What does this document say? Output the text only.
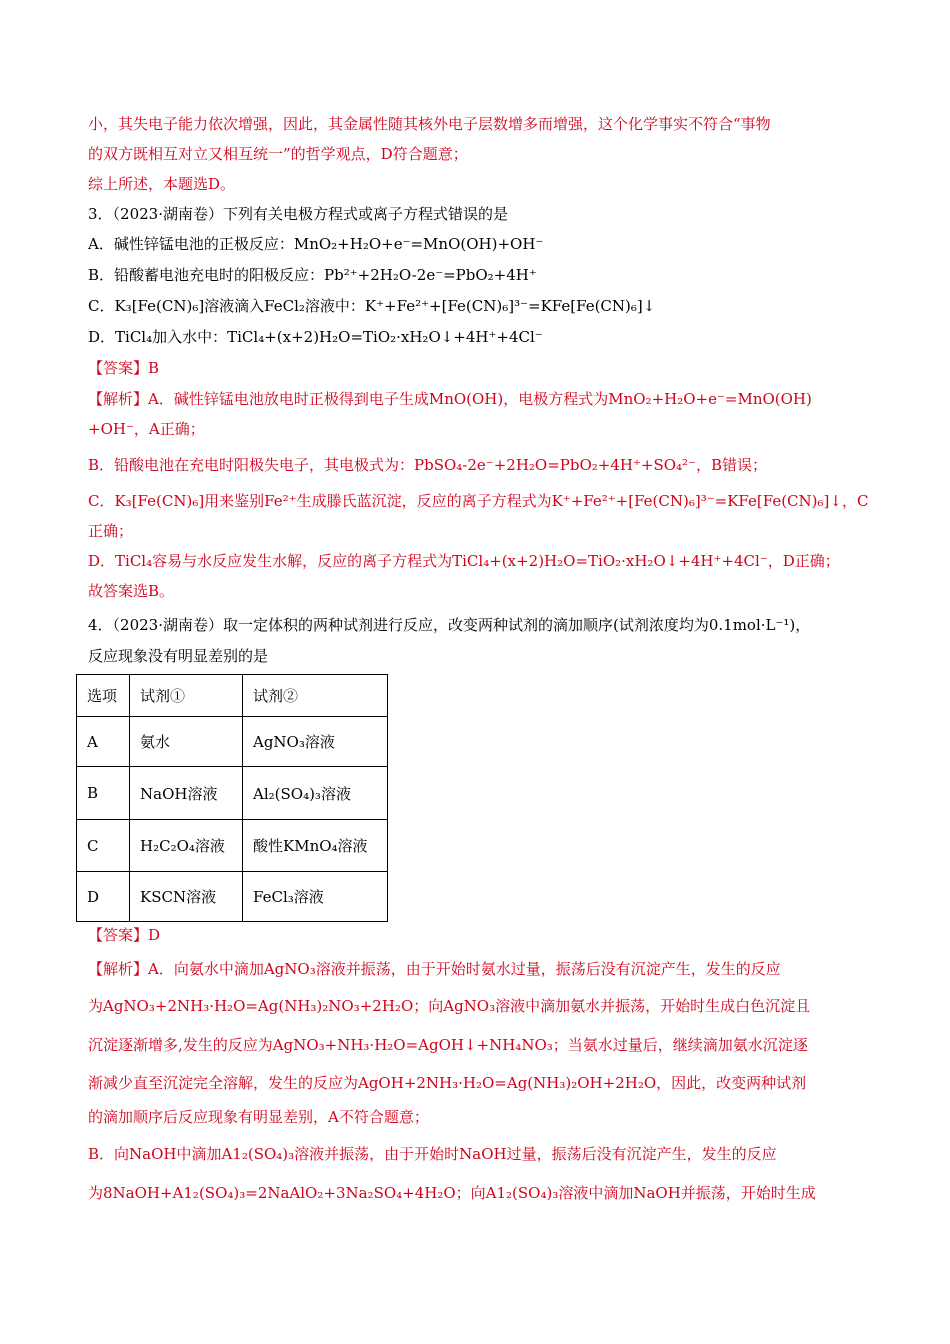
小，其失电子能力依次增强，因此，其金属性随其核外电子层数增多而增强，这个化学事实不符合“事物
的双方既相互对立又相互统一”的哲学观点，D符合题意；
综上所述，本题选D。
3．（2023·湖南卷）下列有关电极方程式或离子方程式错误的是
A．碱性锌锰电池的正极反应：MnO₂+H₂O+e⁻=MnO(OH)+OH⁻
B．铅酸蓄电池充电时的阳极反应：Pb²⁺+2H₂O-2e⁻=PbO₂+4H⁺
C．K₃[Fe(CN)₆]溶液滴入FeCl₂溶液中：K⁺+Fe²⁺+[Fe(CN)₆]³⁻=KFe[Fe(CN)₆]↓
D．TiCl₄加入水中：TiCl₄+(x+2)H₂O=TiO₂·xH₂O↓+4H⁺+4Cl⁻
【答案】B
【解析】A．碱性锌锰电池放电时正极得到电子生成MnO(OH)，电极方程式为MnO₂+H₂O+e⁻=MnO(OH)
+OH⁻，A正确；
B．铅酸电池在充电时阳极失电子，其电极式为：PbSO₄-2e⁻+2H₂O=PbO₂+4H⁺+SO₄²⁻，B错误；
C．K₃[Fe(CN)₆]用来鉴别Fe²⁺生成滕氏蓝沉淀，反应的离子方程式为K⁺+Fe²⁺+[Fe(CN)₆]³⁻=KFe[Fe(CN)₆]↓，C
正确；
D．TiCl₄容易与水反应发生水解，反应的离子方程式为TiCl₄+(x+2)H₂O=TiO₂·xH₂O↓+4H⁺+4Cl⁻，D正确；
故答案选B。
4．（2023·湖南卷）取一定体积的两种试剂进行反应，改变两种试剂的滴加顺序(试剂浓度均为0.1mol·L⁻¹)，
反应现象没有明显差别的是
【答案】D
【解析】A．向氨水中滴加AgNO₃溶液并振荡，由于开始时氨水过量，振荡后没有沉淀产生，发生的反应
为AgNO₃+2NH₃·H₂O=Ag(NH₃)₂NO₃+2H₂O；向AgNO₃溶液中滴加氨水并振荡，开始时生成白色沉淀且
沉淀逐渐增多,发生的反应为AgNO₃+NH₃·H₂O=AgOH↓+NH₄NO₃；当氨水过量后，继续滴加氨水沉淀逐
渐减少直至沉淀完全溶解，发生的反应为AgOH+2NH₃·H₂O=Ag(NH₃)₂OH+2H₂O，因此，改变两种试剂
的滴加顺序后反应现象有明显差别，A不符合题意；
B．向NaOH中滴加A1₂(SO₄)₃溶液并振荡，由于开始时NaOH过量，振荡后没有沉淀产生，发生的反应
为8NaOH+A1₂(SO₄)₃=2NaAlO₂+3Na₂SO₄+4H₂O；向A1₂(SO₄)₃溶液中滴加NaOH并振荡，开始时生成
选项	试剂①	试剂②
A	氨水	AgNO₃溶液
B	NaOH溶液	Al₂(SO₄)₃溶液
C	H₂C₂O₄溶液	酸性KMnO₄溶液
D	KSCN溶液	FeCl₃溶液
